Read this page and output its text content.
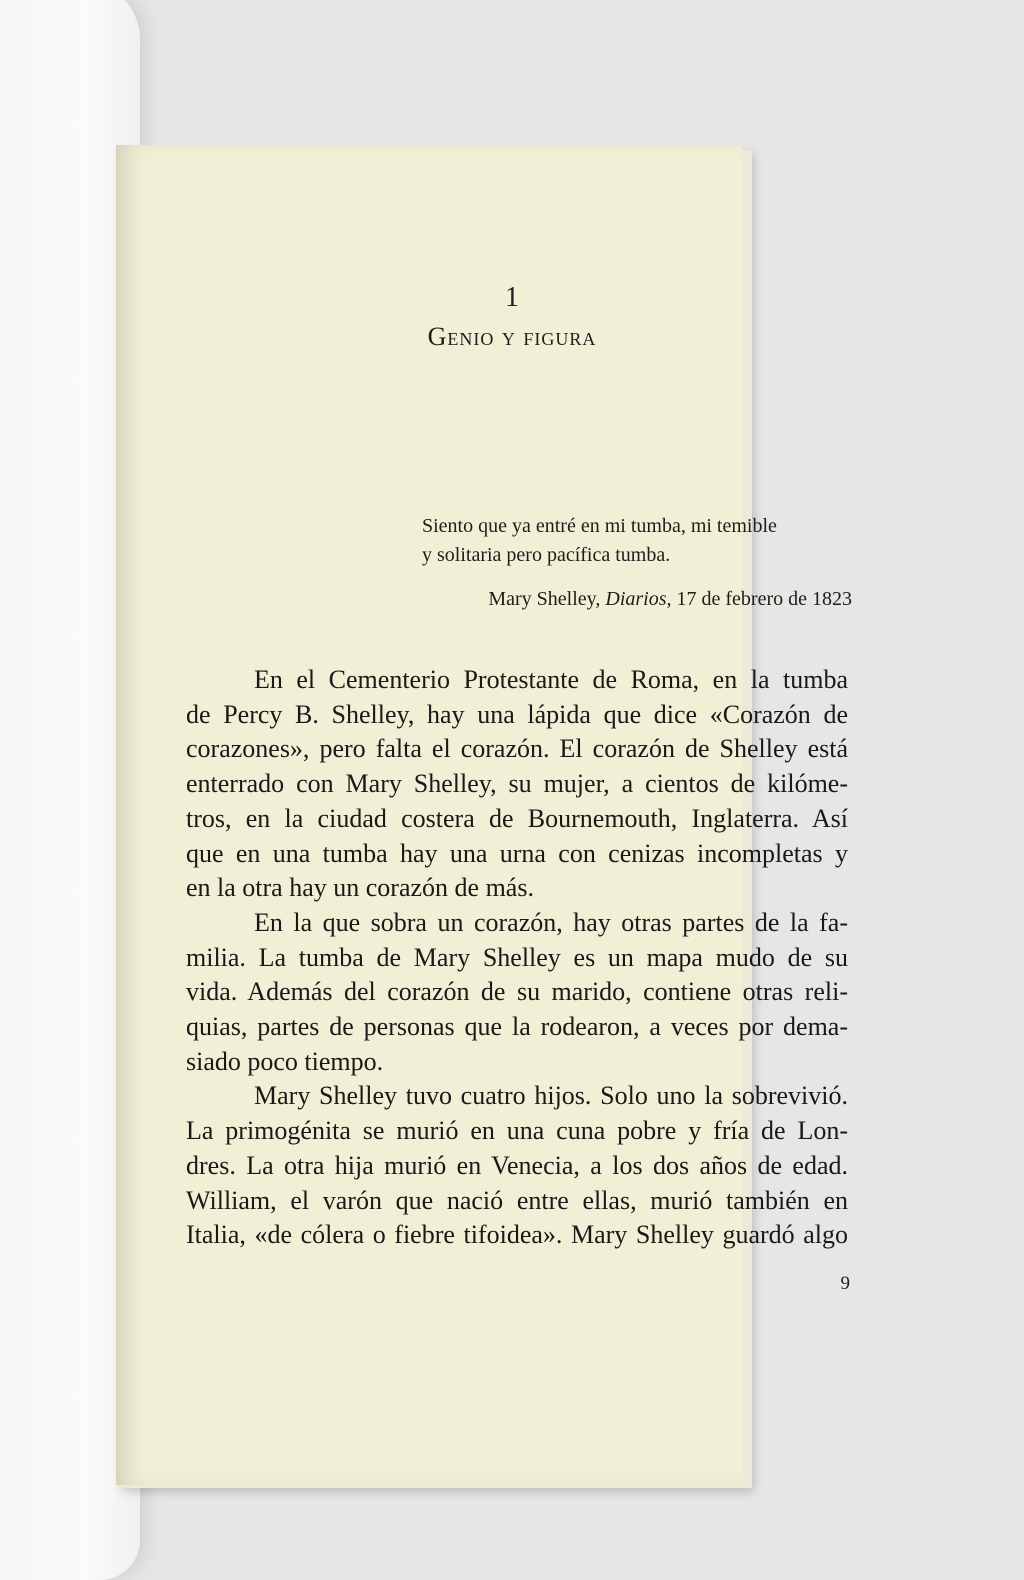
1
Genio y figura
Siento que ya entré en mi tumba, mi temible
y solitaria pero pacífica tumba.
Mary Shelley, Diarios, 17 de febrero de 1823
En el Cementerio Protestante de Roma, en la tumba
de Percy B. Shelley, hay una lápida que dice «Corazón de
corazones», pero falta el corazón. El corazón de Shelley está
enterrado con Mary Shelley, su mujer, a cientos de kilóme-
tros, en la ciudad costera de Bournemouth, Inglaterra. Así
que en una tumba hay una urna con cenizas incompletas y
en la otra hay un corazón de más.
En la que sobra un corazón, hay otras partes de la fa-
milia. La tumba de Mary Shelley es un mapa mudo de su
vida. Además del corazón de su marido, contiene otras reli-
quias, partes de personas que la rodearon, a veces por dema-
siado poco tiempo.
Mary Shelley tuvo cuatro hijos. Solo uno la sobrevivió.
La primogénita se murió en una cuna pobre y fría de Lon-
dres. La otra hija murió en Venecia, a los dos años de edad.
William, el varón que nació entre ellas, murió también en
Italia, «de cólera o fiebre tifoidea». Mary Shelley guardó algo
9
